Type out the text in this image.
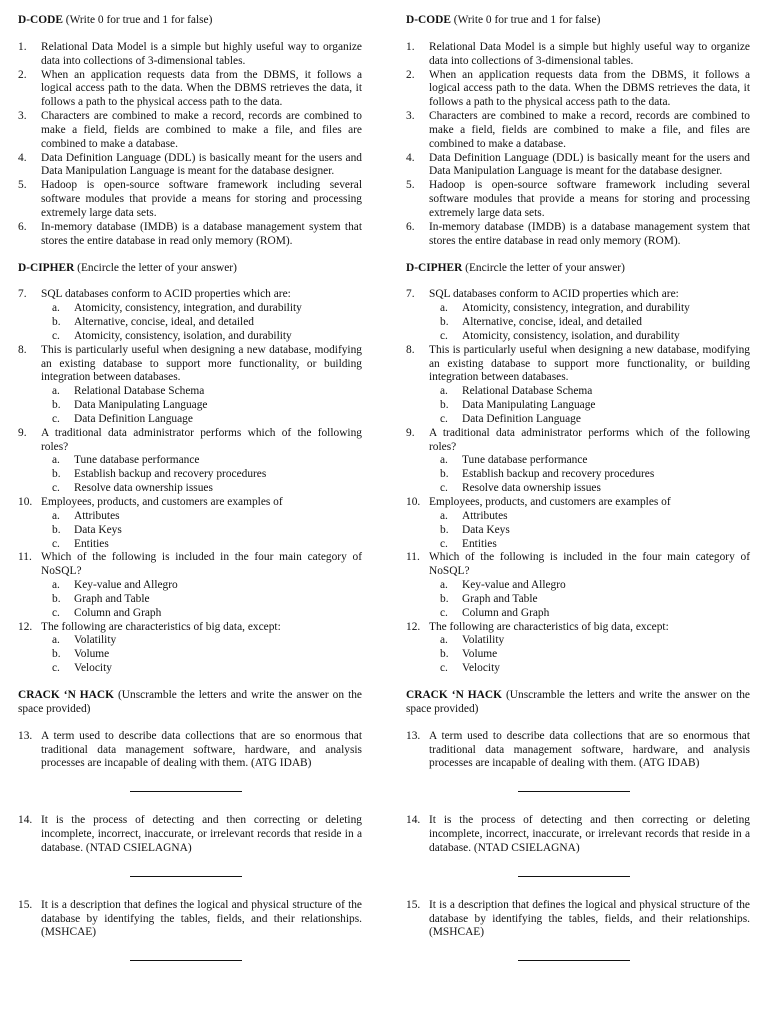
D-CODE (Write 0 for true and 1 for false)
1.	Relational Data Model is a simple but highly useful way to organize data into collections of 3-dimensional tables.
2.	When an application requests data from the DBMS, it follows a logical access path to the data. When the DBMS retrieves the data, it follows a path to the physical access path to the data.
3.	Characters are combined to make a record, records are combined to make a field, fields are combined to make a file, and files are combined to make a database.
4.	Data Definition Language (DDL) is basically meant for the users and Data Manipulation Language is meant for the database designer.
5.	Hadoop is open-source software framework including several software modules that provide a means for storing and processing extremely large data sets.
6.	In-memory database (IMDB) is a database management system that stores the entire database in read only memory (ROM).
D-CIPHER (Encircle the letter of your answer)
7.	SQL databases conform to ACID properties which are:
a.	Atomicity, consistency, integration, and durability
b.	Alternative, concise, ideal, and detailed
c.	Atomicity, consistency, isolation, and durability
8.	This is particularly useful when designing a new database, modifying an existing database to support more functionality, or building integration between databases.
a.	Relational Database Schema
b.	Data Manipulating Language
c.	Data Definition Language
9.	A traditional data administrator performs which of the following roles?
a.	Tune database performance
b.	Establish backup and recovery procedures
c.	Resolve data ownership issues
10. Employees, products, and customers are examples of
a.	Attributes
b.	Data Keys
c.	Entities
11. Which of the following is included in the four main category of NoSQL?
a.	Key-value and Allegro
b.	Graph and Table
c.	Column and Graph
12. The following are characteristics of big data, except:
a.	Volatility
b.	Volume
c.	Velocity
CRACK ‘N HACK (Unscramble the letters and write the answer on the space provided)
13. A term used to describe data collections that are so enormous that traditional data management software, hardware, and analysis processes are incapable of dealing with them. (ATG IDAB)
14. It is the process of detecting and then correcting or deleting incomplete, incorrect, inaccurate, or irrelevant records that reside in a database. (NTAD CSIELAGNA)
15. It is a description that defines the logical and physical structure of the database by identifying the tables, fields, and their relationships. (MSHCAE)
D-CODE (Write 0 for true and 1 for false)
1.	Relational Data Model is a simple but highly useful way to organize data into collections of 3-dimensional tables.
2.	When an application requests data from the DBMS, it follows a logical access path to the data. When the DBMS retrieves the data, it follows a path to the physical access path to the data.
3.	Characters are combined to make a record, records are combined to make a field, fields are combined to make a file, and files are combined to make a database.
4.	Data Definition Language (DDL) is basically meant for the users and Data Manipulation Language is meant for the database designer.
5.	Hadoop is open-source software framework including several software modules that provide a means for storing and processing extremely large data sets.
6.	In-memory database (IMDB) is a database management system that stores the entire database in read only memory (ROM).
D-CIPHER (Encircle the letter of your answer)
7.	SQL databases conform to ACID properties which are:
a.	Atomicity, consistency, integration, and durability
b.	Alternative, concise, ideal, and detailed
c.	Atomicity, consistency, isolation, and durability
8.	This is particularly useful when designing a new database, modifying an existing database to support more functionality, or building integration between databases.
a.	Relational Database Schema
b.	Data Manipulating Language
c.	Data Definition Language
9.	A traditional data administrator performs which of the following roles?
a.	Tune database performance
b.	Establish backup and recovery procedures
c.	Resolve data ownership issues
10. Employees, products, and customers are examples of
a.	Attributes
b.	Data Keys
c.	Entities
11. Which of the following is included in the four main category of NoSQL?
a.	Key-value and Allegro
b.	Graph and Table
c.	Column and Graph
12. The following are characteristics of big data, except:
a.	Volatility
b.	Volume
c.	Velocity
CRACK ‘N HACK (Unscramble the letters and write the answer on the space provided)
13. A term used to describe data collections that are so enormous that traditional data management software, hardware, and analysis processes are incapable of dealing with them. (ATG IDAB)
14. It is the process of detecting and then correcting or deleting incomplete, incorrect, inaccurate, or irrelevant records that reside in a database. (NTAD CSIELAGNA)
15. It is a description that defines the logical and physical structure of the database by identifying the tables, fields, and their relationships. (MSHCAE)
